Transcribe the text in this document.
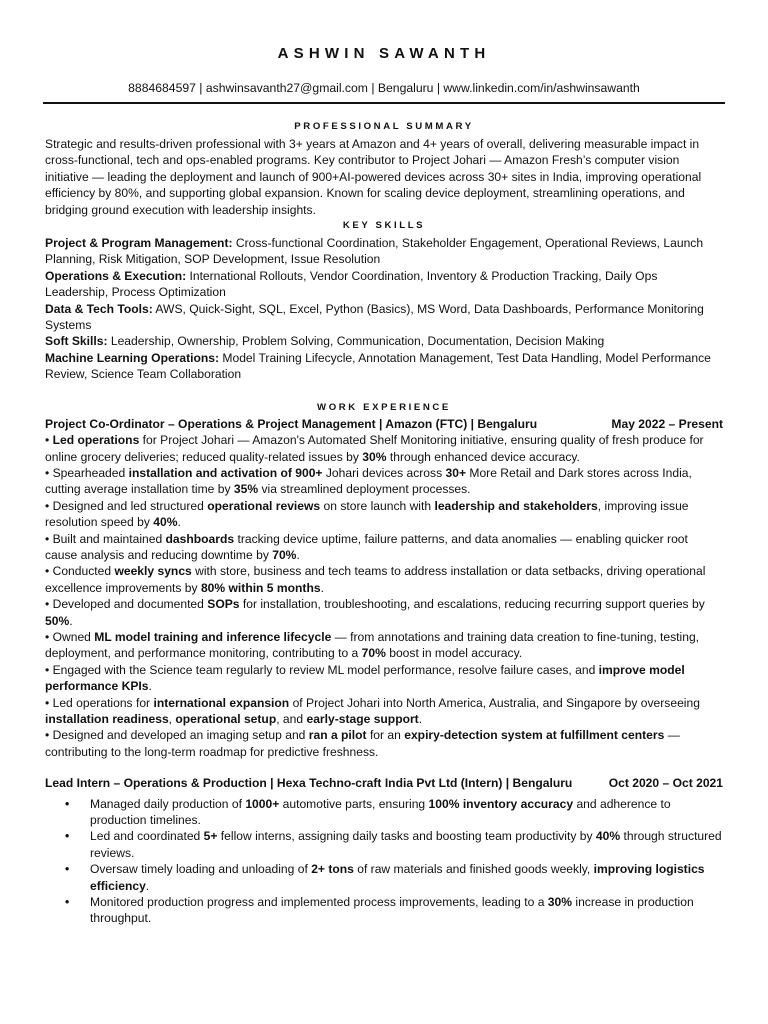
ASHWIN SAWANTH
8884684597 | ashwinsavanth27@gmail.com | Bengaluru | www.linkedin.com/in/ashwinsawanth
PROFESSIONAL SUMMARY

Strategic and results-driven professional with 3+ years at Amazon and 4+ years of overall, delivering measurable impact in cross-functional, tech and ops-enabled programs. Key contributor to Project Johari — Amazon Fresh’s computer vision initiative — leading the deployment and launch of 900+AI-powered devices across 30+ sites in India, improving operational efficiency by 80%, and supporting global expansion. Known for scaling device deployment, streamlining operations, and bridging ground execution with leadership insights.

KEY SKILLS

Project & Program Management: Cross-functional Coordination, Stakeholder Engagement, Operational Reviews, Launch Planning, Risk Mitigation, SOP Development, Issue Resolution

Operations & Execution: International Rollouts, Vendor Coordination, Inventory & Production Tracking, Daily Ops Leadership, Process Optimization

Data & Tech Tools: AWS, Quick-Sight, SQL, Excel, Python (Basics), MS Word, Data Dashboards, Performance Monitoring Systems

Soft Skills: Leadership, Ownership, Problem Solving, Communication, Documentation, Decision Making

Machine Learning Operations: Model Training Lifecycle, Annotation Management, Test Data Handling, Model Performance Review, Science Team Collaboration

WORK EXPERIENCE
Project Co-Ordinator – Operations & Project Management | Amazon (FTC) | Bengaluru	May 2022 – Present

• Led operations for Project Johari — Amazon's Automated Shelf Monitoring initiative, ensuring quality of fresh produce for online grocery deliveries; reduced quality-related issues by 30% through enhanced device accuracy.

• Spearheaded installation and activation of 900+ Johari devices across 30+ More Retail and Dark stores across India, cutting average installation time by 35% via streamlined deployment processes.

• Designed and led structured operational reviews on store launch with leadership and stakeholders, improving issue resolution speed by 40%.

• Built and maintained dashboards tracking device uptime, failure patterns, and data anomalies — enabling quicker root cause analysis and reducing downtime by 70%.

• Conducted weekly syncs with store, business and tech teams to address installation or data setbacks, driving operational excellence improvements by 80% within 5 months.

• Developed and documented SOPs for installation, troubleshooting, and escalations, reducing recurring support queries by 50%.

• Owned ML model training and inference lifecycle — from annotations and training data creation to fine-tuning, testing, deployment, and performance monitoring, contributing to a 70% boost in model accuracy.

• Engaged with the Science team regularly to review ML model performance, resolve failure cases, and improve model performance KPIs.

• Led operations for international expansion of Project Johari into North America, Australia, and Singapore by overseeing installation readiness, operational setup, and early-stage support.

• Designed and developed an imaging setup and ran a pilot for an expiry-detection system at fulfillment centers — contributing to the long-term roadmap for predictive freshness.

Lead Intern – Operations & Production | Hexa Techno-craft India Pvt Ltd (Intern) | Bengaluru	Oct 2020 – Oct 2021
• Managed daily production of 1000+ automotive parts, ensuring 100% inventory accuracy and adherence to production timelines.
• Led and coordinated 5+ fellow interns, assigning daily tasks and boosting team productivity by 40% through structured reviews.
• Oversaw timely loading and unloading of 2+ tons of raw materials and finished goods weekly, improving logistics efficiency.
• Monitored production progress and implemented process improvements, leading to a 30% increase in production throughput.
